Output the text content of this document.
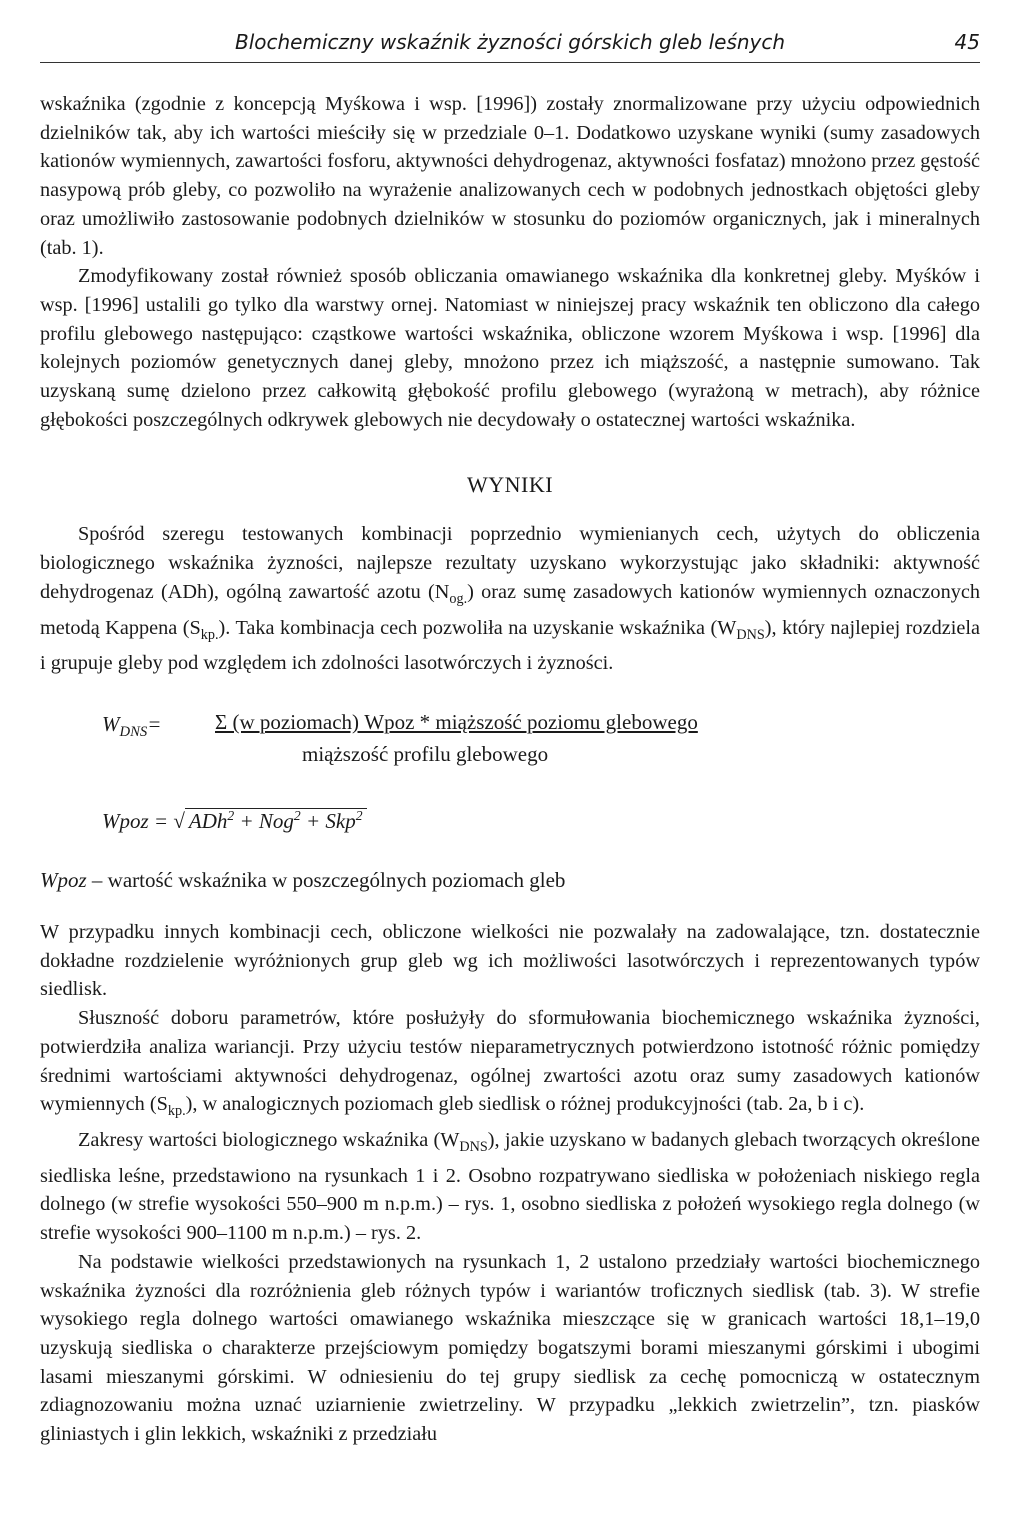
Blochemiczny wskaźnik żyzności górskich gleb leśnych	45

wskaźnika (zgodnie z koncepcją Myśkowa i wsp. [1996]) zostały znormalizowane przy użyciu odpowiednich dzielników tak, aby ich wartości mieściły się w przedziale 0–1. Dodatkowo uzyskane wyniki (sumy zasadowych kationów wymiennych, zawartości fosforu, aktywności dehydrogenaz, aktywności fosfataz) mnożono przez gęstość nasypową prób gleby, co pozwoliło na wyrażenie analizowanych cech w podobnych jednostkach objętości gleby oraz umożliwiło zastosowanie podobnych dzielników w stosunku do poziomów organicznych, jak i mineralnych (tab. 1).

Zmodyfikowany został również sposób obliczania omawianego wskaźnika dla konkretnej gleby. Myśków i wsp. [1996] ustalili go tylko dla warstwy ornej. Natomiast w niniejszej pracy wskaźnik ten obliczono dla całego profilu glebowego następująco: cząstkowe wartości wskaźnika, obliczone wzorem Myśkowa i wsp. [1996] dla kolejnych poziomów genetycznych danej gleby, mnożono przez ich miąższość, a następnie sumowano. Tak uzyskaną sumę dzielono przez całkowitą głębokość profilu glebowego (wyrażoną w metrach), aby różnice głębokości poszczególnych odkrywek glebowych nie decydowały o ostatecznej wartości wskaźnika.

WYNIKI

Spośród szeregu testowanych kombinacji poprzednio wymienianych cech, użytych do obliczenia biologicznego wskaźnika żyzności, najlepsze rezultaty uzyskano wykorzystując jako składniki: aktywność dehydrogenaz (ADh), ogólną zawartość azotu $(N_{og.})$ oraz sumę zasadowych kationów wymiennych oznaczonych metodą Kappena $(S_{kp.})$. Taka kombinacja cech pozwoliła na uzyskanie wskaźnika $(W_{DNS})$, który najlepiej rozdziela i grupuje gleby pod względem ich zdolności lasotwórczych i żyzności.

$W_{DNS}=$	Σ (w poziomach) Wpoz * miąższość poziomu glebowego
miąższość profilu glebowego
Wpoz = √ ADh$^2$ + Nog$^2$ + Skp$^2$
Wpoz – wartość wskaźnika w poszczególnych poziomach gleb

W przypadku innych kombinacji cech, obliczone wielkości nie pozwalały na zadowalające, tzn. dostatecznie dokładne rozdzielenie wyróżnionych grup gleb wg ich możliwości lasotwórczych i reprezentowanych typów siedlisk.

Słuszność doboru parametrów, które posłużyły do sformułowania biochemicznego wskaźnika żyzności, potwierdziła analiza wariancji. Przy użyciu testów nieparametrycznych potwierdzono istotność różnic pomiędzy średnimi wartościami aktywności dehydrogenaz, ogólnej zwartości azotu oraz sumy zasadowych kationów wymiennych $(S_{kp.})$, w analogicznych poziomach gleb siedlisk o różnej produkcyjności (tab. 2a, b i c).

Zakresy wartości biologicznego wskaźnika $(W_{DNS})$, jakie uzyskano w badanych glebach tworzących określone siedliska leśne, przedstawiono na rysunkach 1 i 2. Osobno rozpatrywano siedliska w położeniach niskiego regla dolnego (w strefie wysokości 550–900 m n.p.m.) – rys. 1, osobno siedliska z położeń wysokiego regla dolnego (w strefie wysokości 900–1100 m n.p.m.) – rys. 2.

Na podstawie wielkości przedstawionych na rysunkach 1, 2 ustalono przedziały wartości biochemicznego wskaźnika żyzności dla rozróżnienia gleb różnych typów i wariantów troficznych siedlisk (tab. 3). W strefie wysokiego regla dolnego wartości omawianego wskaźnika mieszczące się w granicach wartości 18,1–19,0 uzyskują siedliska o charakterze przejściowym pomiędzy bogatszymi borami mieszanymi górskimi i ubogimi lasami mieszanymi górskimi. W odniesieniu do tej grupy siedlisk za cechę pomocniczą w ostatecznym zdiagnozowaniu można uznać uziarnienie zwietrzeliny. W przypadku „lekkich zwietrzelin”, tzn. piasków gliniastych i glin lekkich, wskaźniki z przedziału
